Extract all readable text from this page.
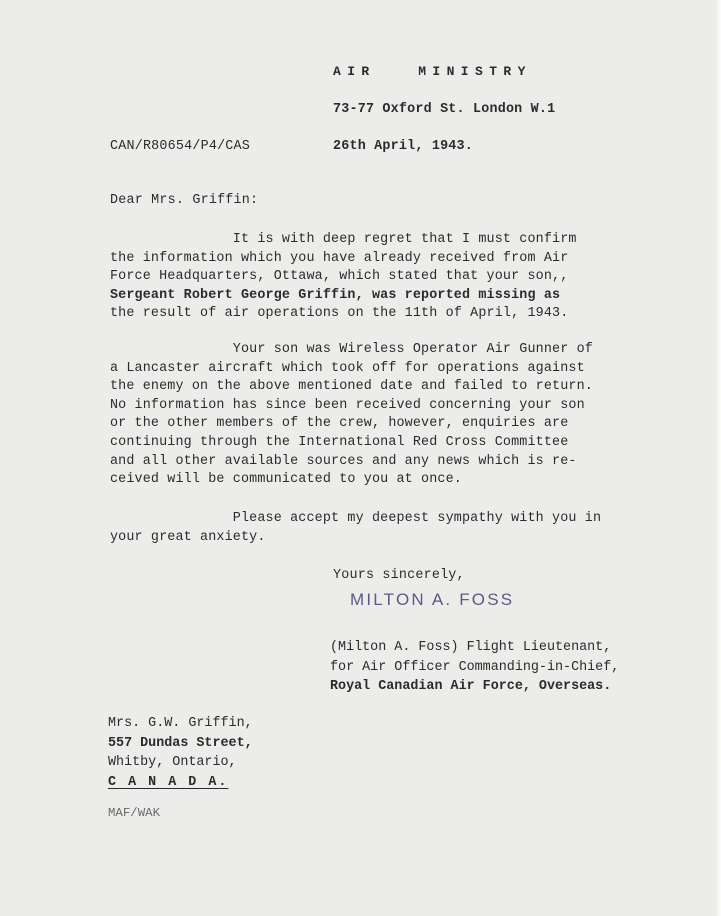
AIR   MINISTRY
73-77 Oxford St. London W.1
CAN/R80654/P4/CAS	26th April, 1943.
Dear Mrs. Griffin:
It is with deep regret that I must confirm
the information which you have already received from Air
Force Headquarters, Ottawa, which stated that your son,,
Sergeant Robert George Griffin, was reported missing as
the result of air operations on the 11th of April, 1943.
Your son was Wireless Operator Air Gunner of
a Lancaster aircraft which took off for operations against
the enemy on the above mentioned date and failed to return.
No information has since been received concerning your son
or the other members of the crew, however, enquiries are
continuing through the International Red Cross Committee
and all other available sources and any news which is re-
ceived will be communicated to you at once.
Please accept my deepest sympathy with you in
your great anxiety.
Yours sincerely,
MILTON A. FOSS
(Milton A. Foss) Flight Lieutenant,
for Air Officer Commanding-in-Chief,
Royal Canadian Air Force, Overseas.
Mrs. G.W. Griffin,
557 Dundas Street,
Whitby, Ontario,
C A N A D A.
MAF/WAK
